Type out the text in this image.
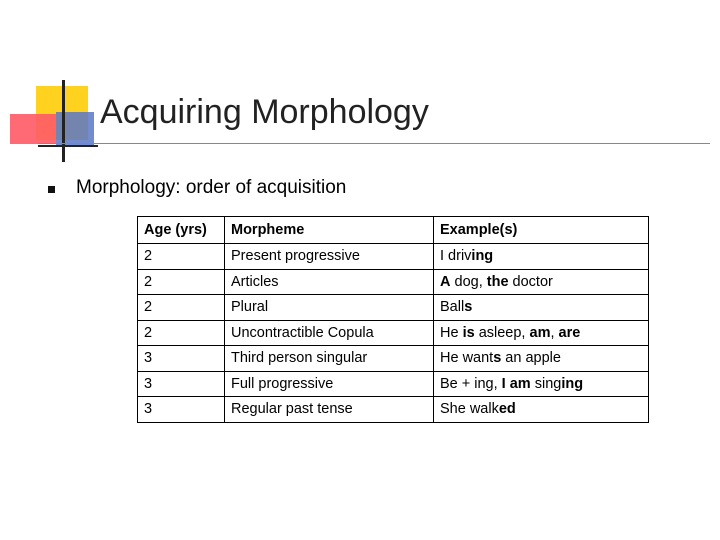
Acquiring Morphology
Morphology: order of acquisition
Age (yrs)	Morpheme	Example(s)
2	Present progressive	I driving
2	Articles	A dog, the doctor
2	Plural	Balls
2	Uncontractible Copula	He is asleep, am, are
3	Third person singular	He wants an apple
3	Full progressive	Be + ing, I am singing
3	Regular past tense	She walked
